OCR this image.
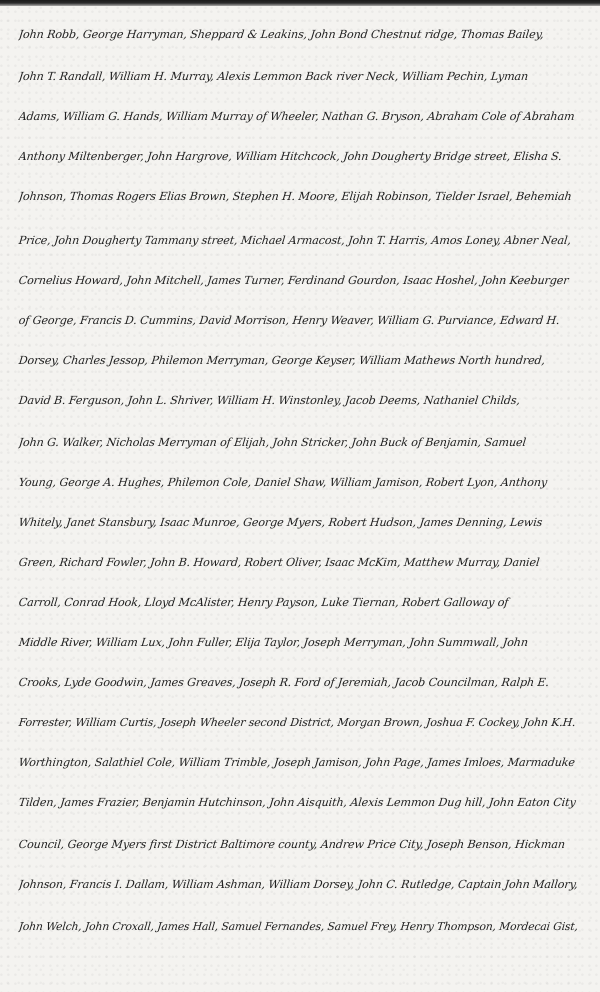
John Robb, George Harryman, Sheppard & Leakins, John Bond Chestnut ridge, Thomas Bailey,
John T. Randall, William H. Murray, Alexis Lemmon Back river Neck, William Pechin, Lyman
Adams, William G. Hands, William Murray of Wheeler, Nathan G. Bryson, Abraham Cole of Abraham
Anthony Miltenberger, John Hargrove, William Hitchcock, John Dougherty Bridge street, Elisha S.
Johnson, Thomas Rogers Elias Brown, Stephen H. Moore, Elijah Robinson, Tielder Israel, Behemiah
Price, John Dougherty Tammany street, Michael Armacost, John T. Harris, Amos Loney, Abner Neal,
Cornelius Howard, John Mitchell, James Turner, Ferdinand Gourdon, Isaac Hoshel, John Keeburger
of George, Francis D. Cummins, David Morrison, Henry Weaver, William G. Purviance, Edward H.
Dorsey, Charles Jessop, Philemon Merryman, George Keyser, William Mathews North hundred,
David B. Ferguson, John L. Shriver, William H. Winstonley, Jacob Deems, Nathaniel Childs,
John G. Walker, Nicholas Merryman of Elijah, John Stricker, John Buck of Benjamin, Samuel
Young, George A. Hughes, Philemon Cole, Daniel Shaw, William Jamison, Robert Lyon, Anthony
Whitely, Janet Stansbury, Isaac Munroe, George Myers, Robert Hudson, James Denning, Lewis
Green, Richard Fowler, John B. Howard, Robert Oliver, Isaac McKim, Matthew Murray, Daniel
Carroll, Conrad Hook, Lloyd McAlister, Henry Payson, Luke Tiernan, Robert Galloway of
Middle River, William Lux, John Fuller, Elija Taylor, Joseph Merryman, John Summwall, John
Crooks, Lyde Goodwin, James Greaves, Joseph R. Ford of Jeremiah, Jacob Councilman, Ralph E.
Forrester, William Curtis, Joseph Wheeler second District, Morgan Brown, Joshua F. Cockey, John K.H.
Worthington, Salathiel Cole, William Trimble, Joseph Jamison, John Page, James Imloes, Marmaduke
Tilden, James Frazier, Benjamin Hutchinson, John Aisquith, Alexis Lemmon Dug hill, John Eaton City
Council, George Myers first District Baltimore county, Andrew Price City, Joseph Benson, Hickman
Johnson, Francis I. Dallam, William Ashman, William Dorsey, John C. Rutledge, Captain John Mallory,
John Welch, John Croxall, James Hall, Samuel Fernandes, Samuel Frey, Henry Thompson, Mordecai Gist,
